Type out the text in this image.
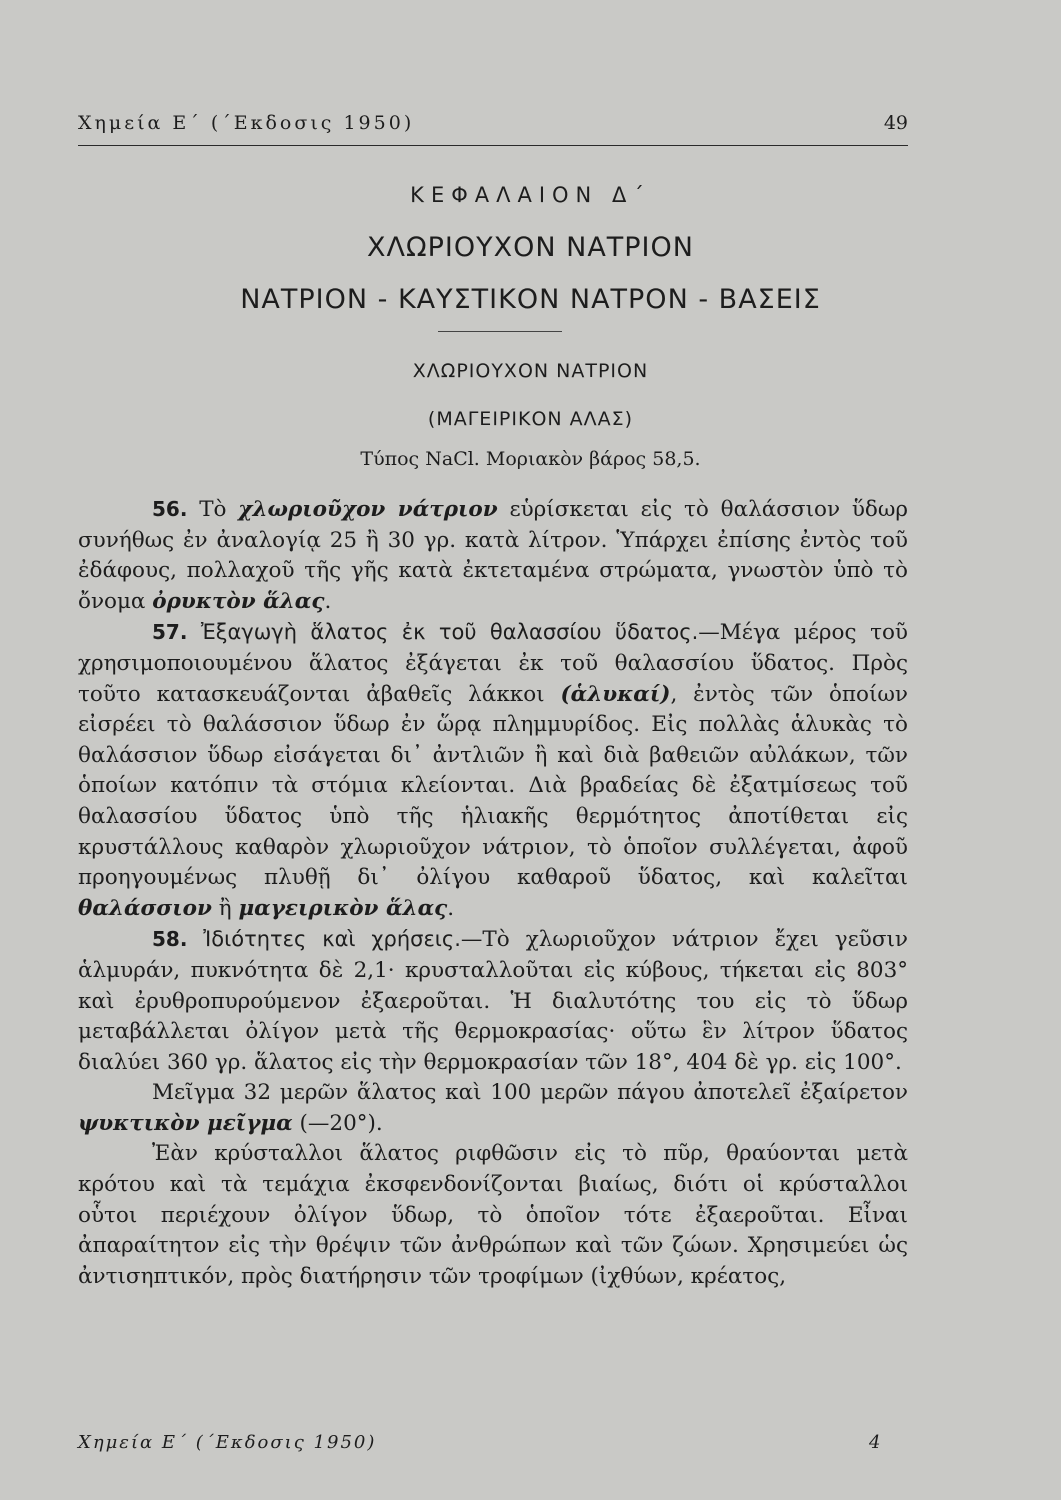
Χημεία Ε΄ (΄Εκδοσις 1950)	49
ΚΕΦΑΛΑΙΟΝ Δ΄
ΧΛΩΡΙΟΥΧΟΝ ΝΑΤΡΙΟΝ
ΝΑΤΡΙΟΝ - ΚΑΥΣΤΙΚΟΝ ΝΑΤΡΟΝ - ΒΑΣΕΙΣ
ΧΛΩΡΙΟΥΧΟΝ ΝΑΤΡΙΟΝ
(ΜΑΓΕΙΡΙΚΟΝ ΑΛΑΣ)
Τύπος NaCl. Μοριακὸν βάρος 58,5.

56. Τὸ χλωριοῦχον νάτριον εὑρίσκεται εἰς τὸ θαλάσσιον ὕδωρ συνήθως ἐν ἀναλογίᾳ 25 ἢ 30 γρ. κατὰ λίτρον. Ὑπάρχει ἐπίσης ἐντὸς τοῦ ἐδάφους, πολλαχοῦ τῆς γῆς κατὰ ἐκτεταμένα στρώματα, γνωστὸν ὑπὸ τὸ ὄνομα ὀρυκτὸν ἅλας.

57. Ἐξαγωγὴ ἅλατος ἐκ τοῦ θαλασσίου ὕδατος.—Μέγα μέρος τοῦ χρησιμοποιουμένου ἅλατος ἐξάγεται ἐκ τοῦ θαλασσίου ὕδατος. Πρὸς τοῦτο κατασκευάζονται ἀβαθεῖς λάκκοι (ἁλυκαί), ἐντὸς τῶν ὁποίων εἰσρέει τὸ θαλάσσιον ὕδωρ ἐν ὥρᾳ πλημμυρίδος. Εἰς πολλὰς ἁλυκὰς τὸ θαλάσσιον ὕδωρ εἰσάγεται δι᾽ ἀντλιῶν ἢ καὶ διὰ βαθειῶν αὐλάκων, τῶν ὁποίων κατόπιν τὰ στόμια κλείονται. Διὰ βραδείας δὲ ἐξατμίσεως τοῦ θαλασσίου ὕδατος ὑπὸ τῆς ἡλιακῆς θερμότητος ἀποτίθεται εἰς κρυστάλλους καθαρὸν χλωριοῦχον νάτριον, τὸ ὁποῖον συλλέγεται, ἀφοῦ προηγουμένως πλυθῇ δι᾽ ὀλίγου καθαροῦ ὕδατος, καὶ καλεῖται θαλάσσιον ἢ μαγειρικὸν ἅλας.

58. Ἰδιότητες καὶ χρήσεις.—Τὸ χλωριοῦχον νάτριον ἔχει γεῦσιν ἁλμυράν, πυκνότητα δὲ 2,1· κρυσταλλοῦται εἰς κύβους, τήκεται εἰς 803° καὶ ἐρυθροπυρούμενον ἐξαεροῦται. Ἡ διαλυτότης του εἰς τὸ ὕδωρ μεταβάλλεται ὀλίγον μετὰ τῆς θερμοκρασίας· οὕτω ἓν λίτρον ὕδατος διαλύει 360 γρ. ἅλατος εἰς τὴν θερμοκρασίαν τῶν 18°, 404 δὲ γρ. εἰς 100°.

Μεῖγμα 32 μερῶν ἅλατος καὶ 100 μερῶν πάγου ἀποτελεῖ ἐξαίρετον ψυκτικὸν μεῖγμα (—20°).

Ἐὰν κρύσταλλοι ἅλατος ριφθῶσιν εἰς τὸ πῦρ, θραύονται μετὰ κρότου καὶ τὰ τεμάχια ἐκσφενδονίζονται βιαίως, διότι οἱ κρύσταλλοι οὗτοι περιέχουν ὀλίγον ὕδωρ, τὸ ὁποῖον τότε ἐξαεροῦται. Εἶναι ἀπαραίτητον εἰς τὴν θρέψιν τῶν ἀνθρώπων καὶ τῶν ζώων. Χρησιμεύει ὡς ἀντισηπτικόν, πρὸς διατήρησιν τῶν τροφίμων (ἰχθύων, κρέατος,

Χημεία Ε΄ (΄Εκδοσις 1950)	4
